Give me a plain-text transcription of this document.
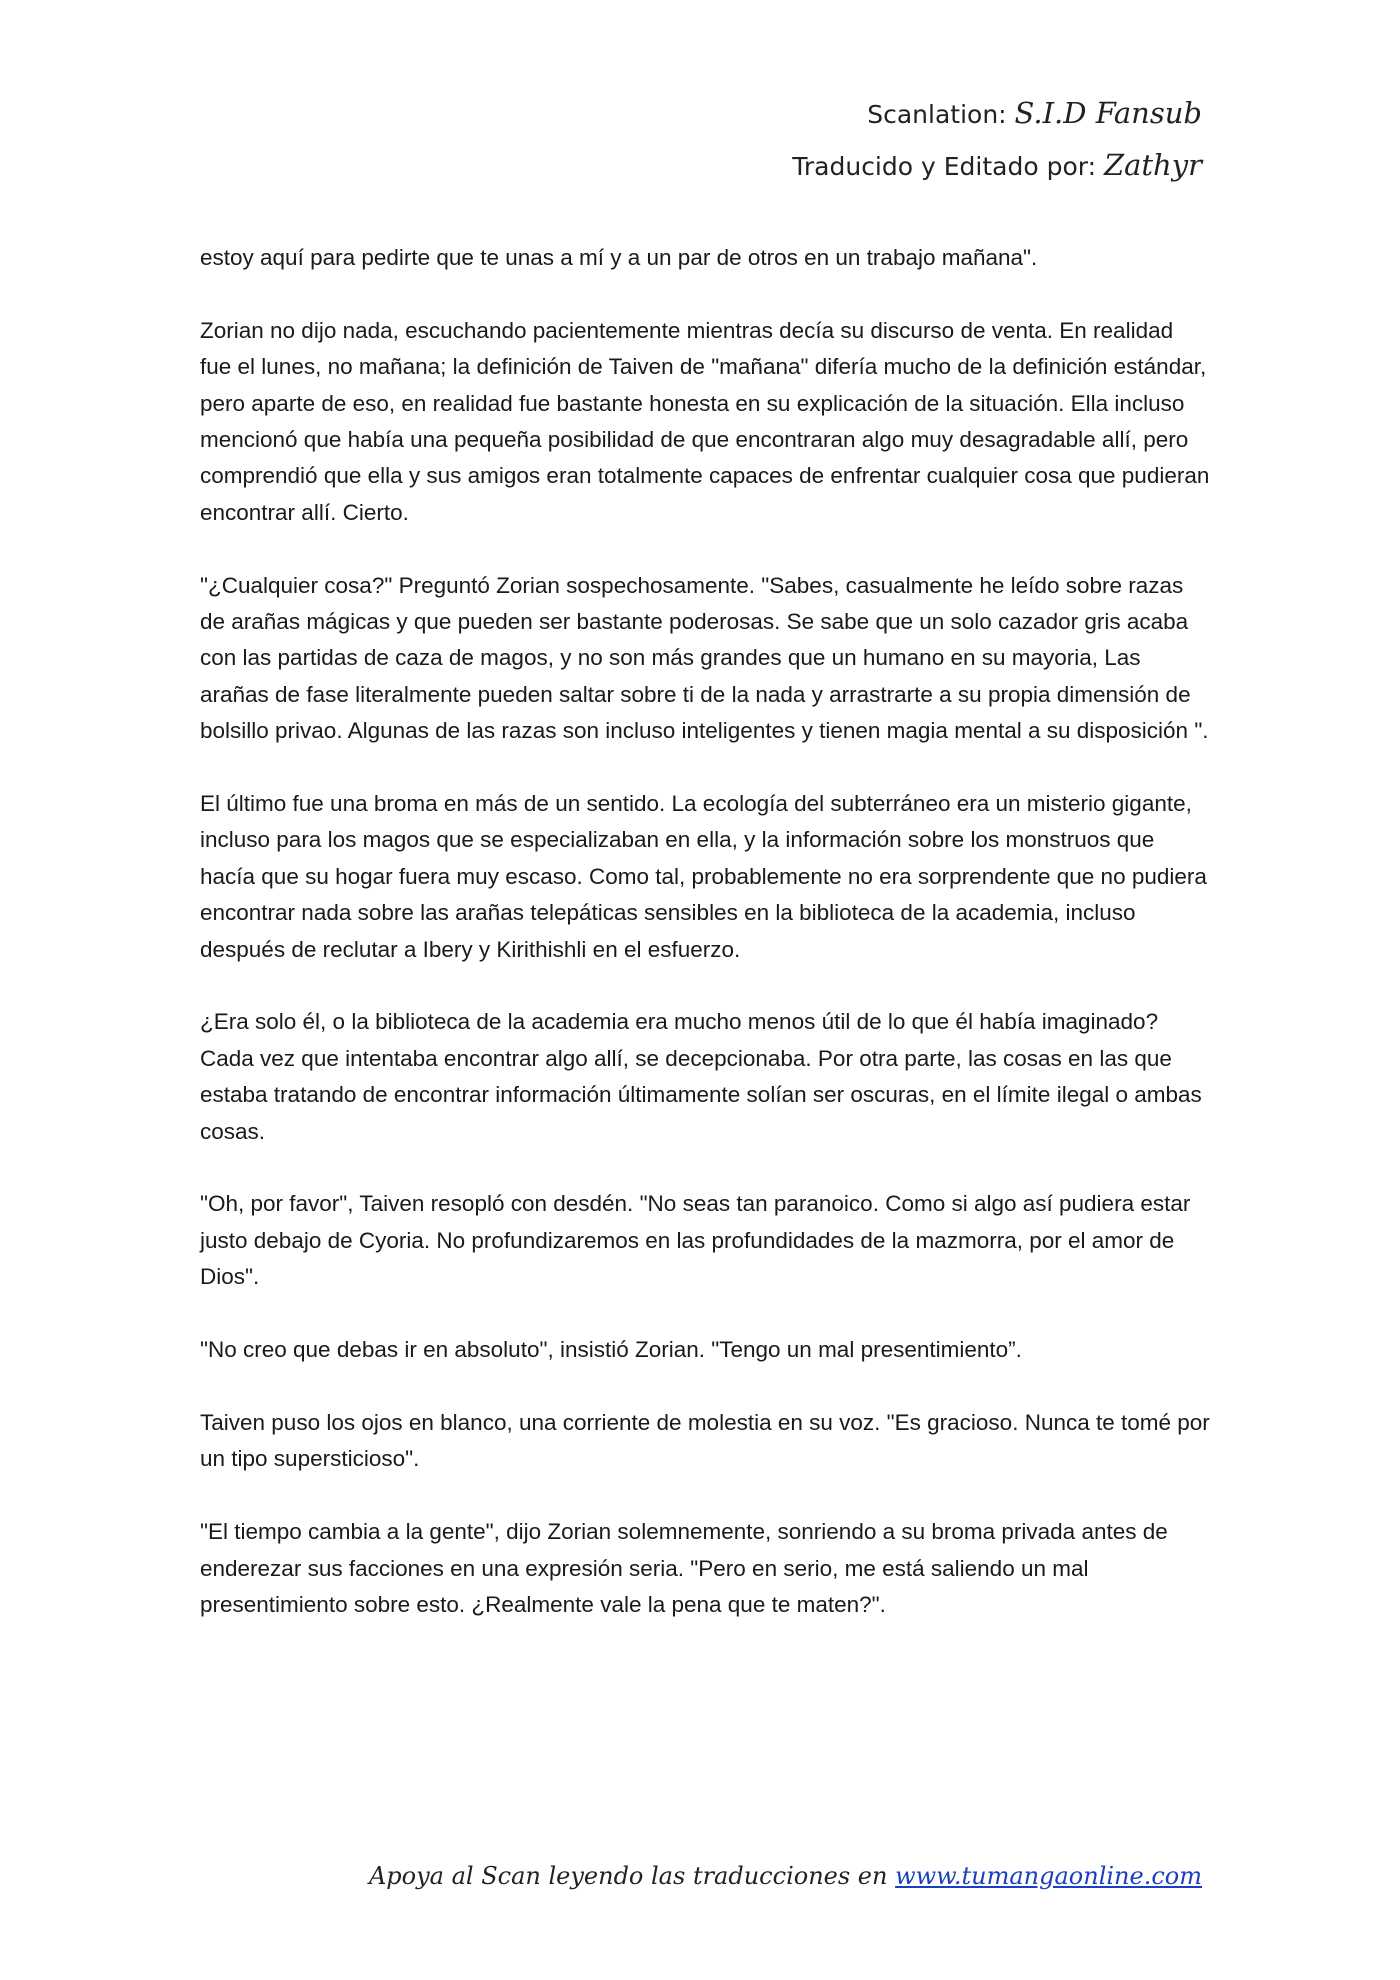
Scanlation: S.I.D Fansub
Traducido y Editado por: Zathyr

estoy aquí para pedirte que te unas a mí y a un par de otros en un trabajo mañana".

Zorian no dijo nada, escuchando pacientemente mientras decía su discurso de venta. En realidad fue el lunes, no mañana; la definición de Taiven de "mañana" difería mucho de la definición estándar, pero aparte de eso, en realidad fue bastante honesta en su explicación de la situación. Ella incluso mencionó que había una pequeña posibilidad de que encontraran algo muy desagradable allí, pero comprendió que ella y sus amigos eran totalmente capaces de enfrentar cualquier cosa que pudieran encontrar allí. Cierto.

"¿Cualquier cosa?" Preguntó Zorian sospechosamente. "Sabes, casualmente he leído sobre razas de arañas mágicas y que pueden ser bastante poderosas. Se sabe que un solo cazador gris acaba con las partidas de caza de magos, y no son más grandes que un humano en su mayoria, Las arañas de fase literalmente pueden saltar sobre ti de la nada y arrastrarte a su propia dimensión de bolsillo privao. Algunas de las razas son incluso inteligentes y tienen magia mental a su disposición ".

El último fue una broma en más de un sentido. La ecología del subterráneo era un misterio gigante, incluso para los magos que se especializaban en ella, y la información sobre los monstruos que hacía que su hogar fuera muy escaso. Como tal, probablemente no era sorprendente que no pudiera encontrar nada sobre las arañas telepáticas sensibles en la biblioteca de la academia, incluso después de reclutar a Ibery y Kirithishli en el esfuerzo.

¿Era solo él, o la biblioteca de la academia era mucho menos útil de lo que él había imaginado? Cada vez que intentaba encontrar algo allí, se decepcionaba. Por otra parte, las cosas en las que estaba tratando de encontrar información últimamente solían ser oscuras, en el límite ilegal o ambas cosas.

"Oh, por favor", Taiven resopló con desdén. "No seas tan paranoico. Como si algo así pudiera estar justo debajo de Cyoria. No profundizaremos en las profundidades de la mazmorra, por el amor de Dios".

"No creo que debas ir en absoluto", insistió Zorian. "Tengo un mal presentimiento”.

Taiven puso los ojos en blanco, una corriente de molestia en su voz. "Es gracioso. Nunca te tomé por un tipo supersticioso".

"El tiempo cambia a la gente", dijo Zorian solemnemente, sonriendo a su broma privada antes de enderezar sus facciones en una expresión seria. "Pero en serio, me está saliendo un mal presentimiento sobre esto. ¿Realmente vale la pena que te maten?".

Apoya al Scan leyendo las traducciones en www.tumangaonline.com
